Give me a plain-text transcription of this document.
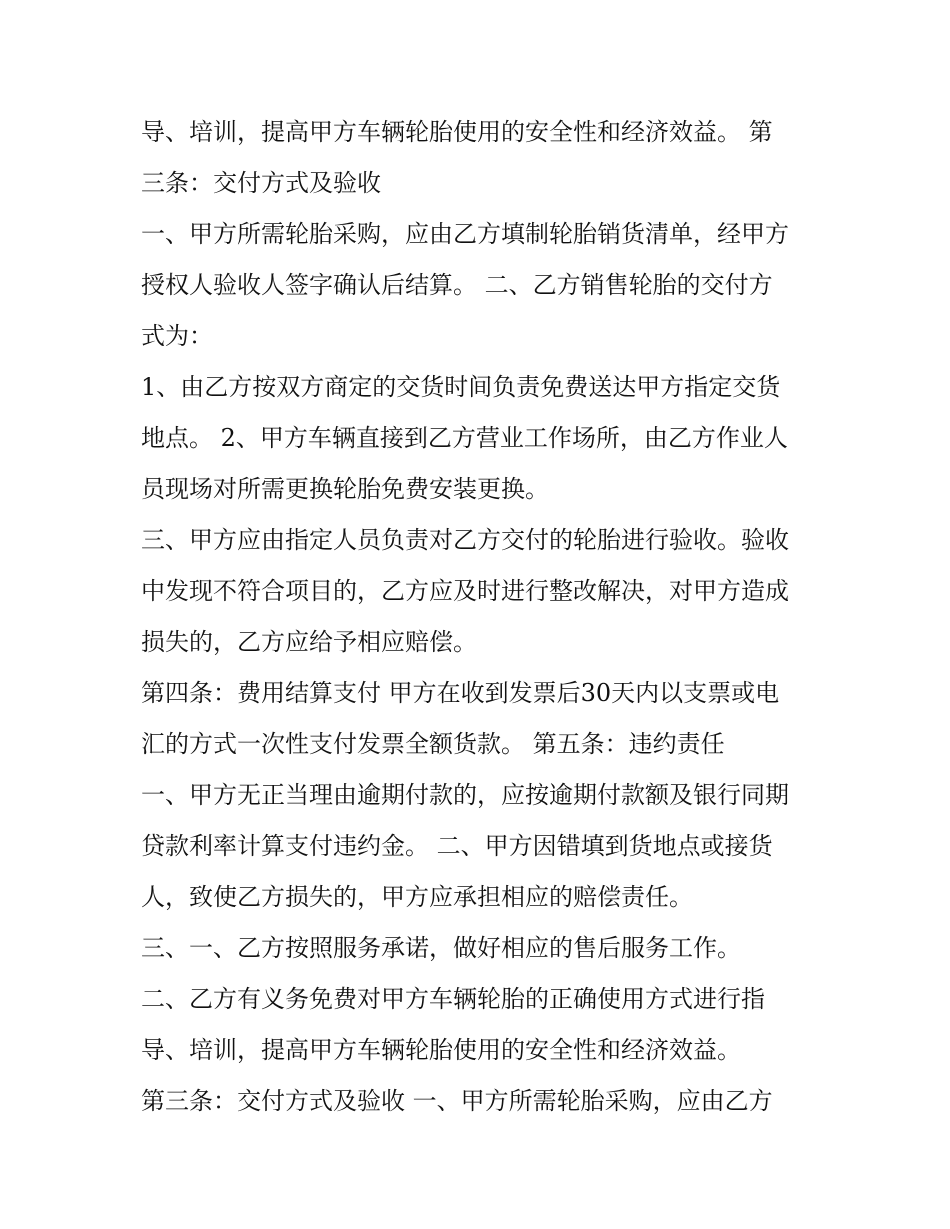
导、培训，提高甲方车辆轮胎使用的安全性和经济效益。 第
三条：交付方式及验收
一、甲方所需轮胎采购，应由乙方填制轮胎销货清单，经甲方
授权人验收人签字确认后结算。 二、乙方销售轮胎的交付方
式为：
1、由乙方按双方商定的交货时间负责免费送达甲方指定交货
地点。 2、甲方车辆直接到乙方营业工作场所，由乙方作业人
员现场对所需更换轮胎免费安装更换。
三、甲方应由指定人员负责对乙方交付的轮胎进行验收。验收
中发现不符合项目的，乙方应及时进行整改解决，对甲方造成
损失的，乙方应给予相应赔偿。
第四条：费用结算支付 甲方在收到发票后30天内以支票或电
汇的方式一次性支付发票全额货款。 第五条：违约责任
一、甲方无正当理由逾期付款的，应按逾期付款额及银行同期
贷款利率计算支付违约金。 二、甲方因错填到货地点或接货
人，致使乙方损失的，甲方应承担相应的赔偿责任。
三、一、乙方按照服务承诺，做好相应的售后服务工作。
二、乙方有义务免费对甲方车辆轮胎的正确使用方式进行指
导、培训，提高甲方车辆轮胎使用的安全性和经济效益。
第三条：交付方式及验收 一、甲方所需轮胎采购，应由乙方
